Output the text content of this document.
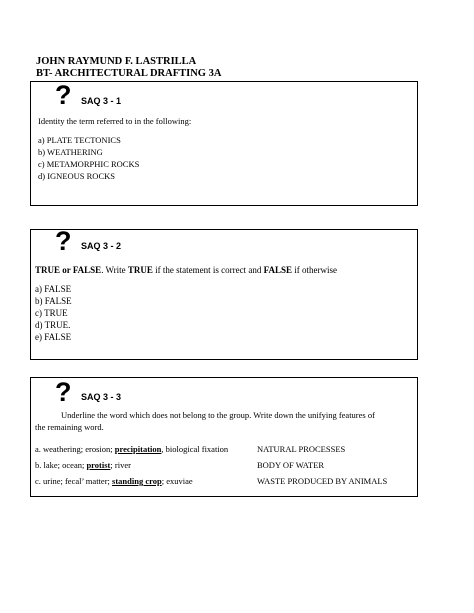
JOHN RAYMUND F. LASTRILLA
BT- ARCHITECTURAL DRAFTING 3A
? SAQ 3 - 1
Identity the term referred to in the following:
a) PLATE TECTONICS
b) WEATHERING
c) METAMORPHIC ROCKS
d) IGNEOUS ROCKS
? SAQ 3 - 2
TRUE or FALSE. Write TRUE if the statement is correct and FALSE if otherwise
a) FALSE
b) FALSE
c) TRUE
d) TRUE.
e) FALSE
? SAQ 3 - 3
Underline the word which does not belong to the group. Write down the unifying features of
the remaining word.
a. weathering; erosion; precipitation, biological fixation	NATURAL PROCESSES
b. lake; ocean; protist; river	BODY OF WATER
c. urine; fecal’ matter; standing crop; exuviae	WASTE PRODUCED BY ANIMALS
